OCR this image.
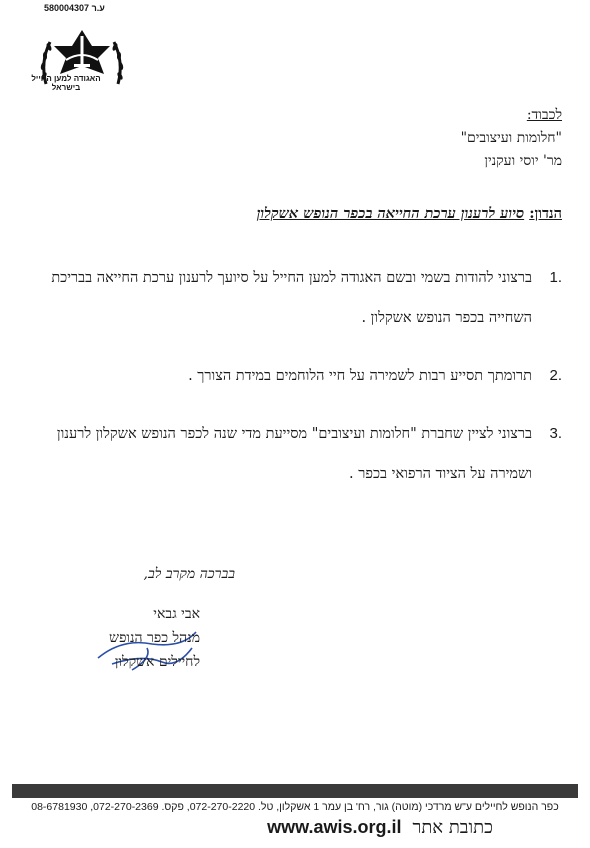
ע.ר 580004307
האגודה למען החייל בישראל
לכבוד:
"חלומות ועיצובים"
מר' יוסי ועקנין
הנדון: סיוע לרענון ערכת החייאה בכפר הנופש אשקלון
1.
ברצוני להודות בשמי ובשם האגודה למען החייל על סיועך לרענון ערכת החייאה בבריכת השחייה בכפר הנופש אשקלון .
2.
תרומתך תסייע רבות לשמירה על חיי הלוחמים במידת הצורך .
3.
ברצוני לציין שחברת "חלומות ועיצובים" מסייעת מדי שנה לכפר הנופש אשקלון לרענון ושמירה על הציוד הרפואי בכפר .
בברכה מקרב לב,
אבי גבאי
מנהל כפר הנופש
לחיילים אשקלון
כפר הנופש לחיילים ע"ש מרדכי (מוטה) גור, רח' בן עמר 1 אשקלון, טל. 072-270-2220, פקס. 072-270-2369, 08-6781930
www.awis.org.il כתובת אתר
